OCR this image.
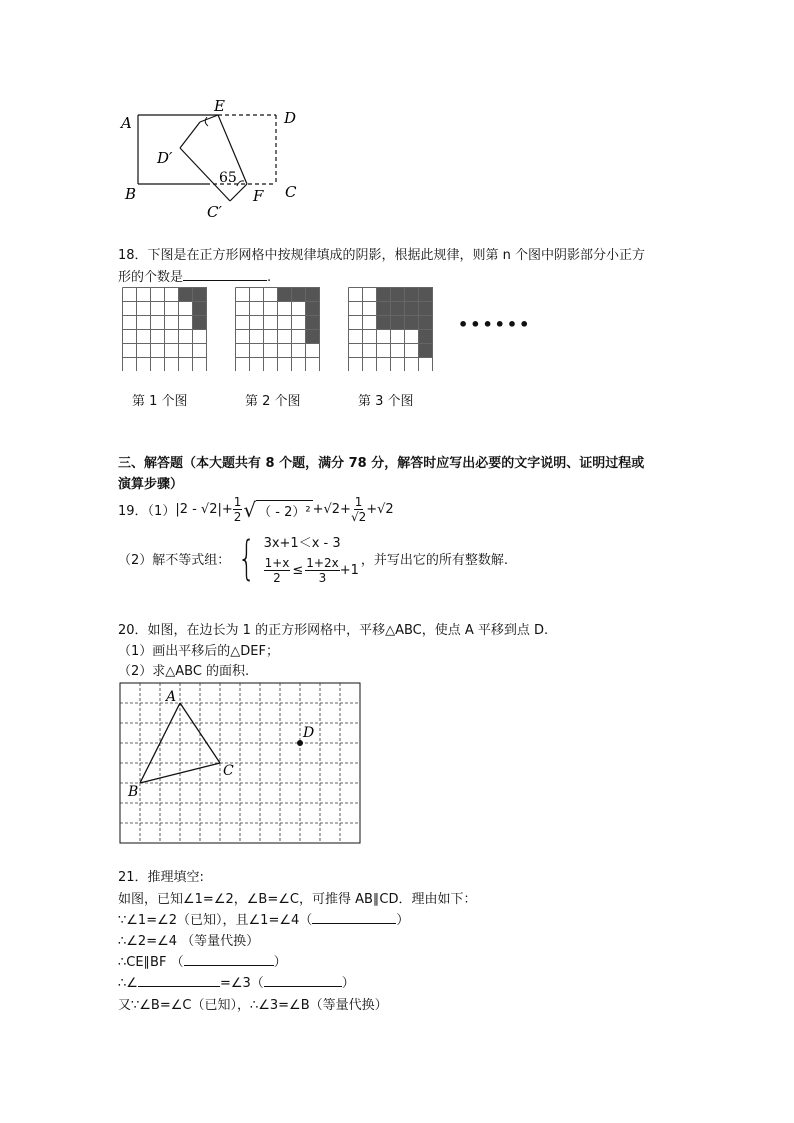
A
E
D
D′
B	C
C′
F
65
18．下图是在正方形网格中按规律填成的阴影，根据此规律，则第 n 个图中阴影部分小正方
形的个数是	.
••••••
第 1 个图	第 2 个图	第 3 个图
三、解答题（本大题共有 8 个题，满分 78 分，解答时应写出必要的文字说明、证明过程或
演算步骤）
19．（1） $|2 - √2|+ \frac{1}{2}$ √ （ - $2)^2 +√2+ \frac{1}{√2} +√2$
（2）解不等式组： { 3x+1＜x - 3
$\frac{1+x}{2} \le \frac{1+2x}{3} +1$
，并写出它的所有整数解.
20．如图，在边长为 1 的正方形网格中，平移△ABC，使点 A 平移到点 D.
（1）画出平移后的△DEF；
（2）求△ABC 的面积.
A
B
C
D
21．推理填空:
如图，已知∠1=∠2，∠B=∠C，可推得 AB∥CD．理由如下：
∵∠1=∠2（已知），且∠1=∠4（	）
∴∠2=∠4 （等量代换）
∴CE∥BF （	）
∴∠	=∠3（	）
又∵∠B=∠C（已知），∴∠3=∠B（等量代换）
